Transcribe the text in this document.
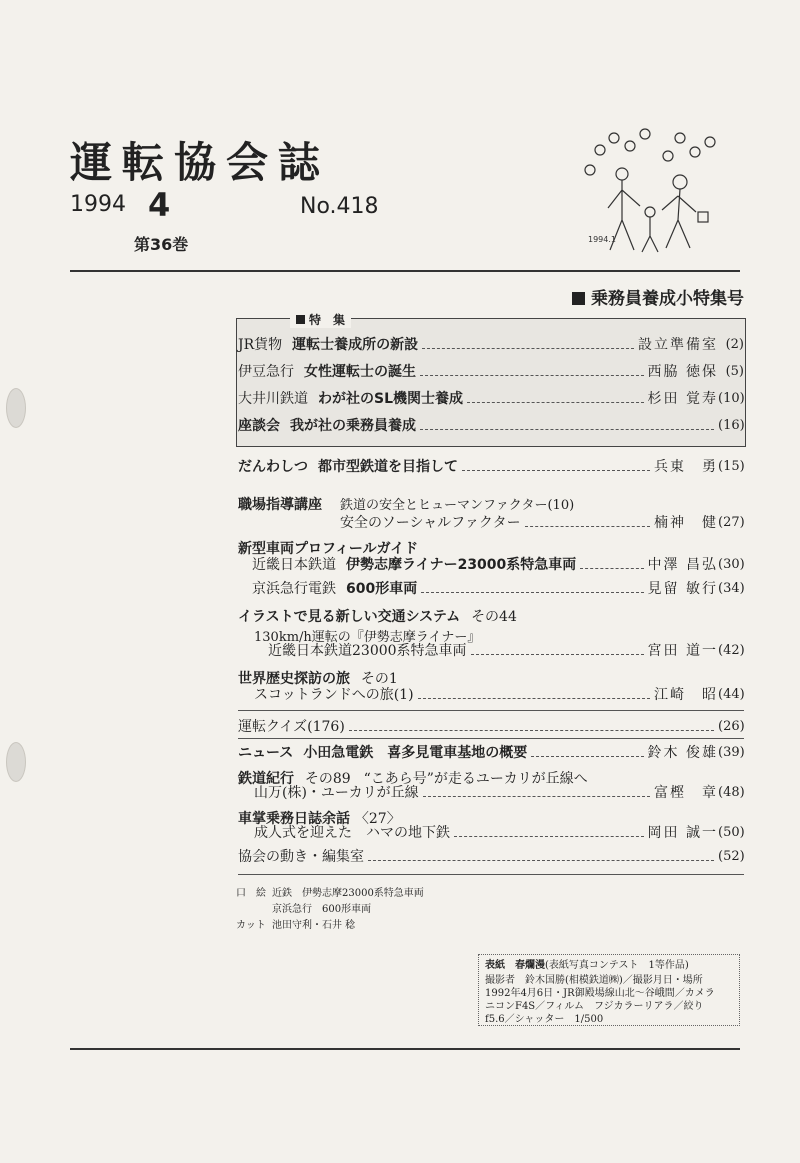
運転協会誌
1994 4	No.418
第36巻	1994.1
乗務員養成小特集号
特　集
JR貨物 運転士養成所の新設	設立準備室 (2)
伊豆急行 女性運転士の誕生	西脇 徳保 (5)
大井川鉄道 わが社のSL機関士養成	杉田 覚寿 (10)
座談会 我が社の乗務員養成	(16)
だんわしつ 都市型鉄道を目指して	兵東　勇 (15)
職場指導講座 鉄道の安全とヒューマンファクター(10)
安全のソーシャルファクター	楠神　健 (27)
新型車両プロフィールガイド
近畿日本鉄道 伊勢志摩ライナー23000系特急車両	中澤 昌弘 (30)
京浜急行電鉄 600形車両	見留 敏行 (34)
イラストで見る新しい交通システム その44
130km/h運転の『伊勢志摩ライナー』
近畿日本鉄道23000系特急車両	宮田 道一 (42)
世界歴史探訪の旅 その1
スコットランドへの旅(1)	江崎　昭 (44)
運転クイズ(176)	(26)
ニュース 小田急電鉄　喜多見電車基地の概要	鈴木 俊雄 (39)
鉄道紀行 その89 “こあら号”が走るユーカリが丘線へ
山万(株)・ユーカリが丘線	富樫　章 (48)
車掌乗務日誌余話 〈27〉
成人式を迎えた　ハマの地下鉄	岡田 誠一 (50)
協会の動き・編集室	(52)
口　絵 近鉄　伊勢志摩23000系特急車両
京浜急行　600形車両
カット 池田守利・石井 稔
表紙　春爛漫(表紙写真コンテスト　1等作品)

撮影者　鈴木国勝(相模鉄道㈱)／撮影月日・場所　1992年4月6日・JR御殿場線山北～谷峨間／カメラ　ニコンF4S／フィルム　フジカラーリアラ／絞り　f5.6／シャッター　1/500
